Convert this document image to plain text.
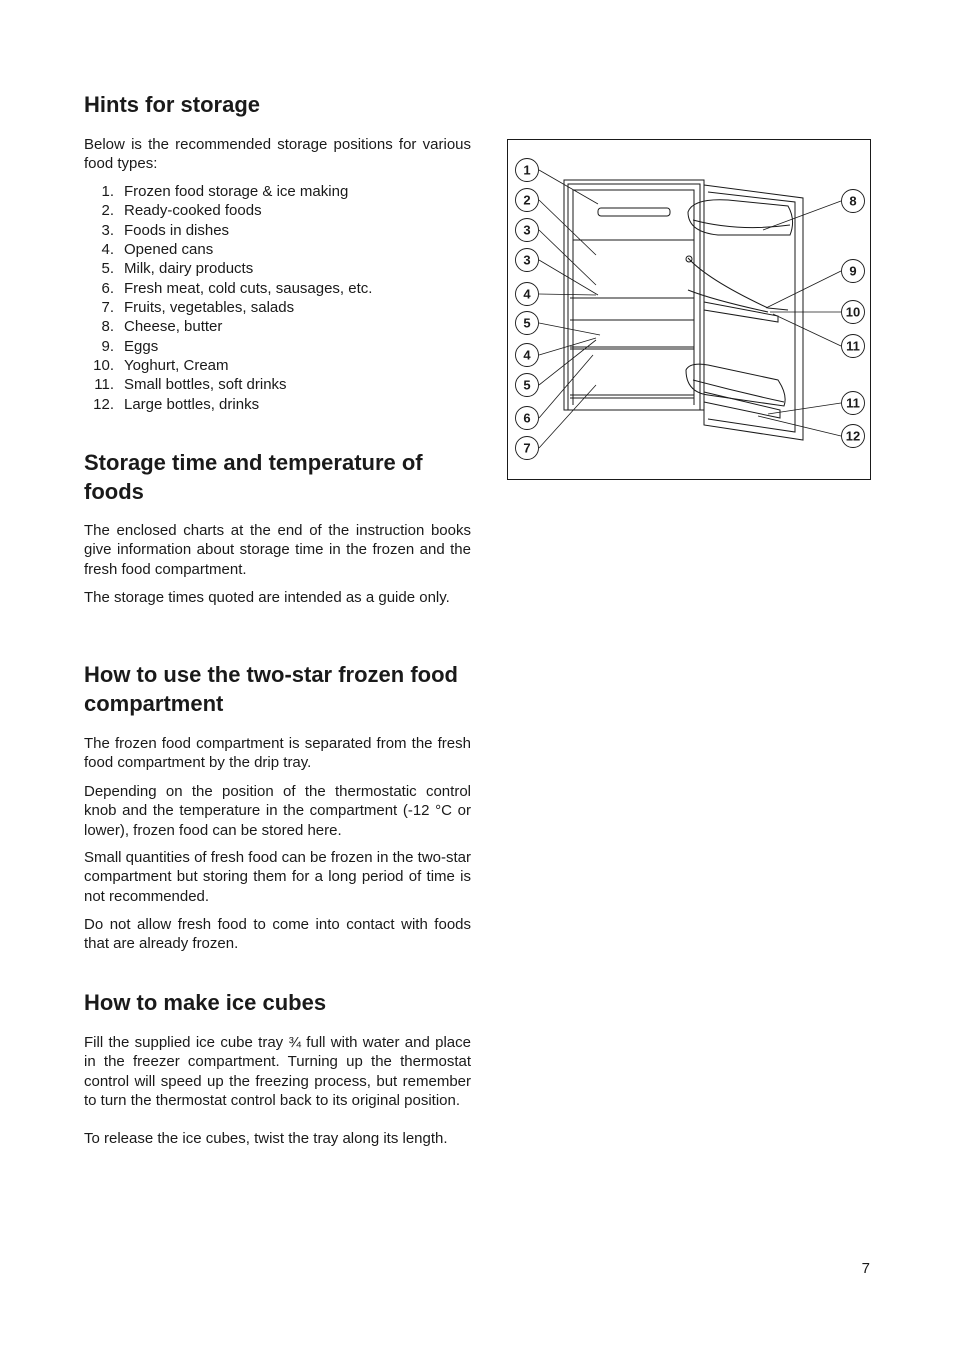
Hints for storage

Below is the recommended storage positions for various food types:

1. Frozen food storage & ice making
2. Ready-cooked foods
3. Foods in dishes
4. Opened cans
5. Milk, dairy products
6. Fresh meat, cold cuts, sausages, etc.
7. Fruits, vegetables, salads
8. Cheese, butter
9. Eggs
10. Yoghurt, Cream
11. Small bottles, soft drinks
12. Large bottles, drinks
Storage time and temperature of foods

The enclosed charts at the end of the instruction books give information about storage time in the frozen and the fresh food compartment.

The storage times quoted are intended as a guide only.

How to use the two-star frozen food compartment

The frozen food compartment is separated from the fresh food compartment by the drip tray.

Depending on the position of the thermostatic control knob and the temperature in the compartment (-12 °C or lower), frozen food can be stored here.

Small quantities of fresh food can be frozen in the two-star compartment but storing them for a long period of time is not recommended.

Do not allow fresh food to come into contact with foods that are already frozen.

How to make ice cubes

Fill the supplied ice cube tray ¾ full with water and place in the freezer compartment. Turning up the thermostat control will speed up the freezing process, but remember to turn the thermostat control back to its original position.

To release the ice cubes, twist the tray along its length.

1
2
3
3
4
5
4
5
6
7
8
9
10
11
11
12
7
